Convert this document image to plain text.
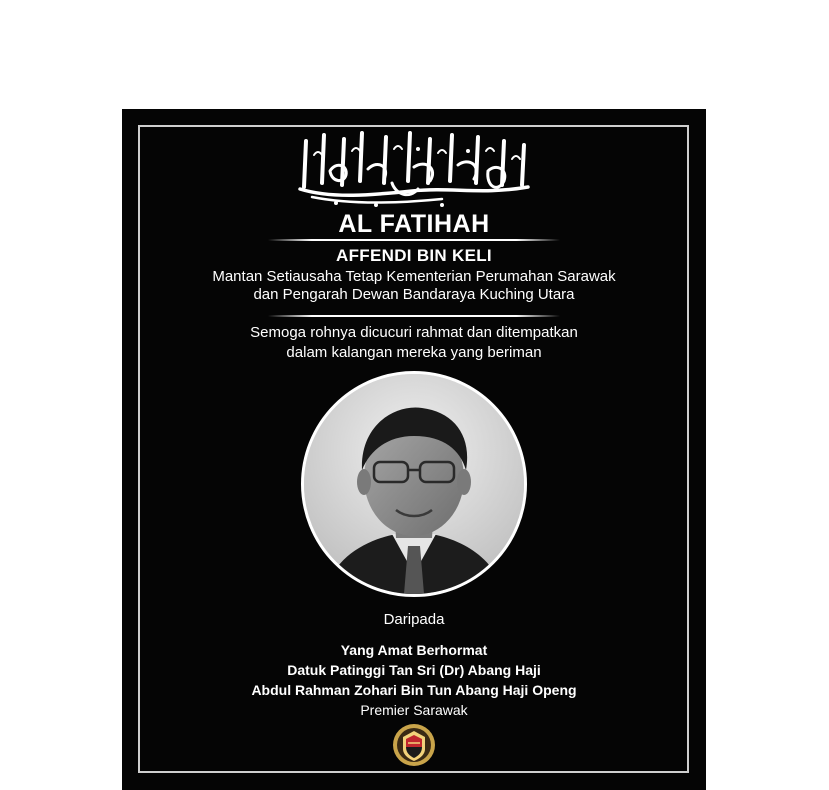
AL FATIHAH
AFFENDI BIN KELI
Mantan Setiausaha Tetap Kementerian Perumahan Sarawak
dan Pengarah Dewan Bandaraya Kuching Utara
Semoga rohnya dicucuri rahmat dan ditempatkan
dalam kalangan mereka yang beriman
Daripada
Yang Amat Berhormat
Datuk Patinggi Tan Sri (Dr) Abang Haji
Abdul Rahman Zohari Bin Tun Abang Haji Openg
Premier Sarawak
